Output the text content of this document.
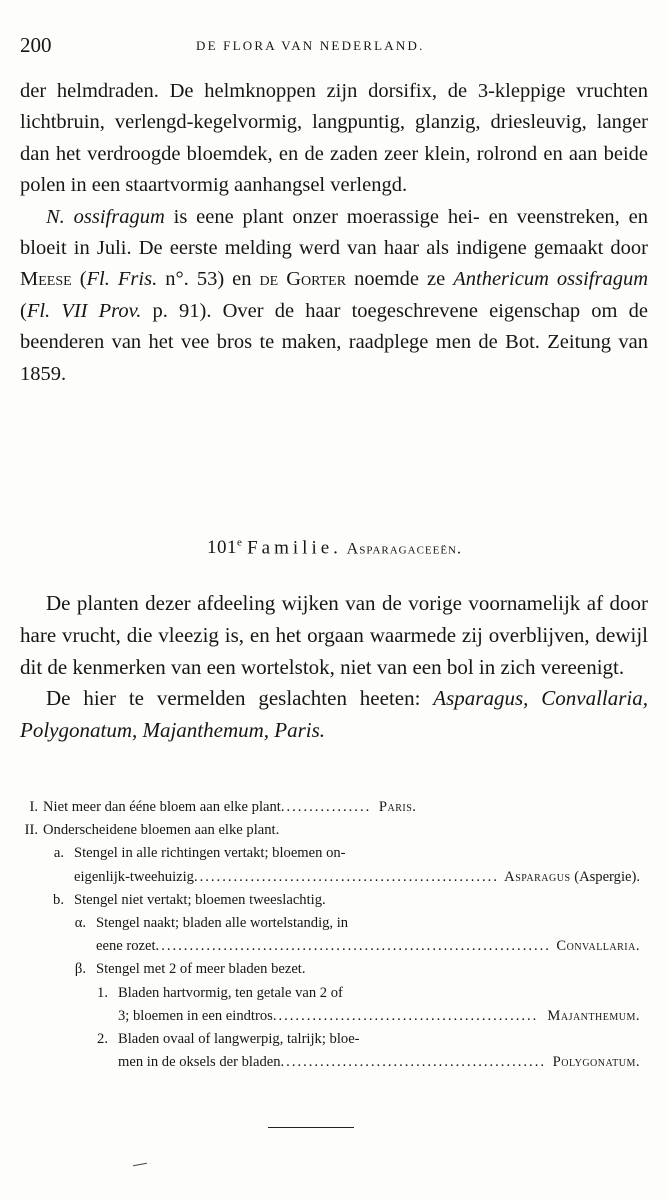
200	DE FLORA VAN NEDERLAND.

der helmdraden. De helmknoppen zijn dorsifix, de 3-kleppige vruchten lichtbruin, verlengd-kegelvormig, langpuntig, glanzig, driesleuvig, langer dan het verdroogde bloemdek, en de zaden zeer klein, rolrond en aan beide polen in een staartvormig aanhangsel verlengd.

N. ossifragum is eene plant onzer moerassige hei- en veenstreken, en bloeit in Juli. De eerste melding werd van haar als indigene gemaakt door Meese (Fl. Fris. n°. 53) en de Gorter noemde ze Anthericum ossifragum (Fl. VII Prov. p. 91). Over de haar toegeschrevene eigenschap om de beenderen van het vee bros te maken, raadplege men de Bot. Zeitung van 1859.

101e Familie. Asparagaceeën.

De planten dezer afdeeling wijken van de vorige voornamelijk af door hare vrucht, die vleezig is, en het orgaan waarmede zij overblijven, dewijl dit de kenmerken van een wortelstok, niet van een bol in zich vereenigt.

De hier te vermelden geslachten heeten: Asparagus, Convallaria, Polygonatum, Majanthemum, Paris.

I. Niet meer dan ééne bloem aan elke plant .....	Paris.
II. Onderscheidene bloemen aan elke plant.
a. Stengel in alle richtingen vertakt; bloemen on-
eigenlijk-tweehuizig .....	Asparagus (Aspergie).
b. Stengel niet vertakt; bloemen tweeslachtig.
α. Stengel naakt; bladen alle wortelstandig, in
eene rozet .....	Convallaria.
β. Stengel met 2 of meer bladen bezet.
1. Bladen hartvormig, ten getale van 2 of
3; bloemen in een eindtros .....	Majanthemum.
2. Bladen ovaal of langwerpig, talrijk; bloe-
men in de oksels der bladen .....	Polygonatum.
